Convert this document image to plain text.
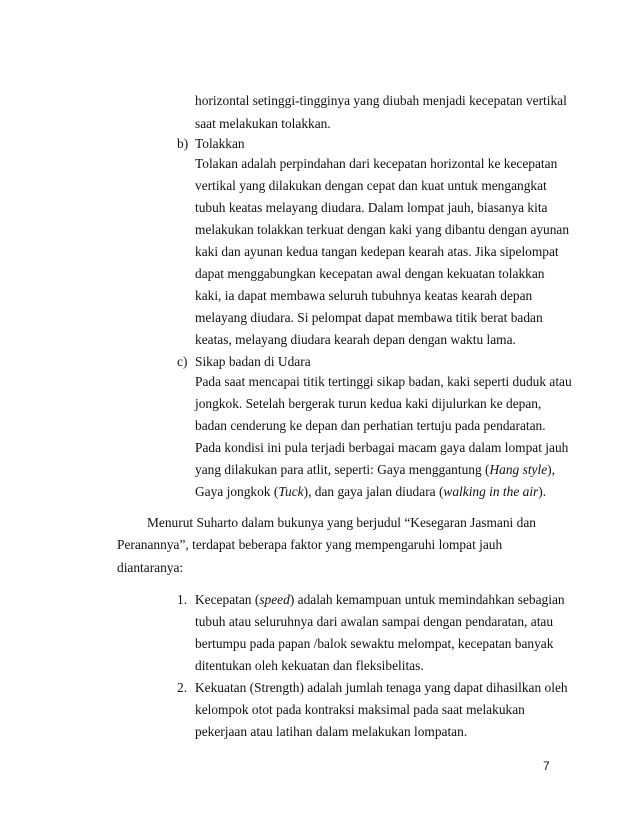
horizontal setinggi-tingginya yang diubah menjadi kecepatan vertikal
saat melakukan tolakkan.
b) Tolakkan
Tolakan adalah perpindahan dari kecepatan horizontal ke kecepatan
vertikal yang dilakukan dengan cepat dan kuat untuk mengangkat
tubuh keatas melayang diudara. Dalam lompat jauh, biasanya kita
melakukan tolakkan terkuat dengan kaki yang dibantu dengan ayunan
kaki dan ayunan kedua tangan kedepan kearah atas. Jika sipelompat
dapat menggabungkan kecepatan awal dengan kekuatan tolakkan
kaki, ia dapat membawa seluruh tubuhnya keatas kearah depan
melayang diudara. Si pelompat dapat membawa titik berat badan
keatas, melayang diudara kearah depan dengan waktu lama.
c) Sikap badan di Udara
Pada saat mencapai titik tertinggi sikap badan, kaki seperti duduk atau
jongkok. Setelah bergerak turun kedua kaki dijulurkan ke depan,
badan cenderung ke depan dan perhatian tertuju pada pendaratan.
Pada kondisi ini pula terjadi berbagai macam gaya dalam lompat jauh
yang dilakukan para atlit, seperti: Gaya menggantung (Hang style),
Gaya jongkok (Tuck), dan gaya jalan diudara (walking in the air).
Menurut Suharto dalam bukunya yang berjudul “Kesegaran Jasmani dan
Peranannya”, terdapat beberapa faktor yang mempengaruhi lompat jauh
diantaranya:
1. Kecepatan (speed) adalah kemampuan untuk memindahkan sebagian
tubuh atau seluruhnya dari awalan sampai dengan pendaratan, atau
bertumpu pada papan /balok sewaktu melompat, kecepatan banyak
ditentukan oleh kekuatan dan fleksibelitas.
2. Kekuatan (Strength) adalah jumlah tenaga yang dapat dihasilkan oleh
kelompok otot pada kontraksi maksimal pada saat melakukan
pekerjaan atau latihan dalam melakukan lompatan.
7
